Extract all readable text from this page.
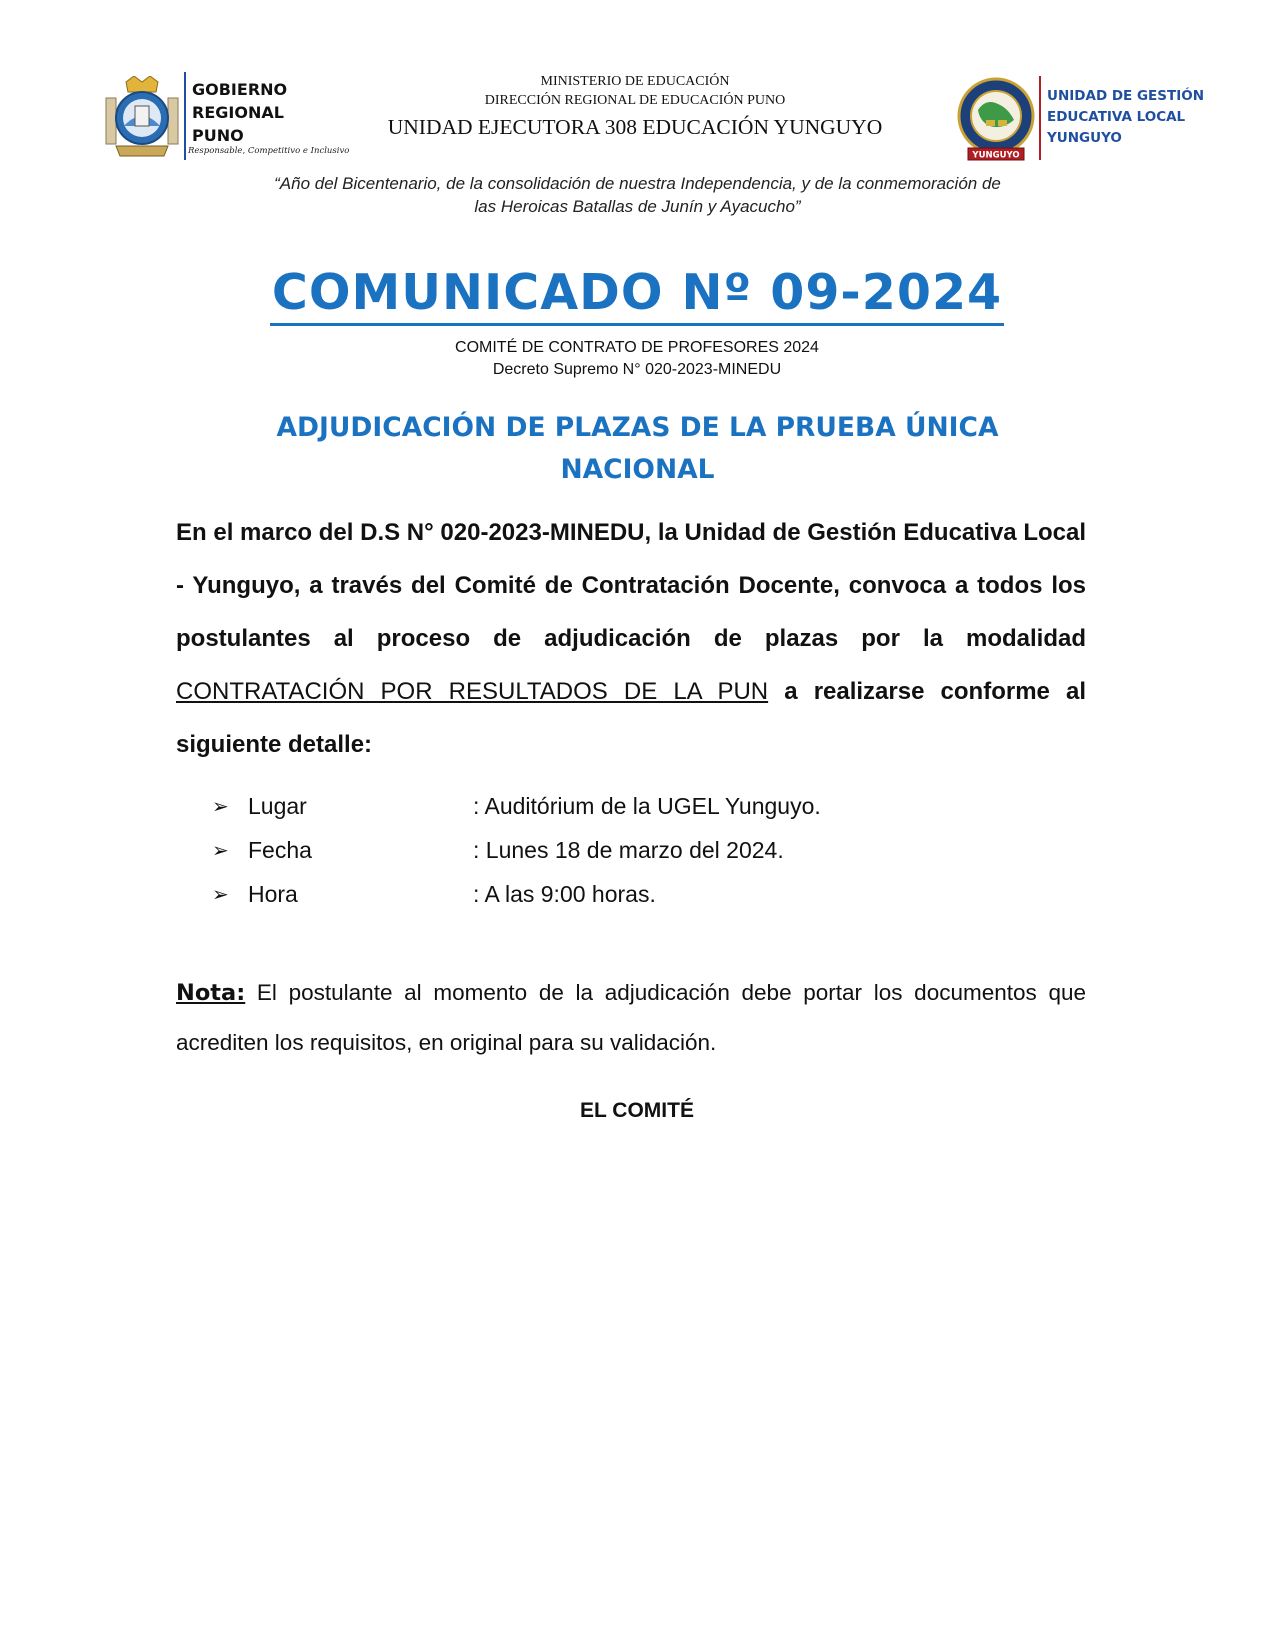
GOBIERNO
REGIONAL
PUNO
Responsable, Competitivo e Inclusivo
MINISTERIO DE EDUCACIÓN
DIRECCIÓN REGIONAL DE EDUCACIÓN PUNO
UNIDAD EJECUTORA 308 EDUCACIÓN YUNGUYO
YUNGUYO
UNIDAD DE GESTIÓN
EDUCATIVA LOCAL
YUNGUYO
“Año del Bicentenario, de la consolidación de nuestra Independencia, y de la conmemoración de
las Heroicas Batallas de Junín y Ayacucho”
COMUNICADO Nº 09-2024
COMITÉ DE CONTRATO DE PROFESORES 2024
Decreto Supremo N° 020-2023-MINEDU
ADJUDICACIÓN DE PLAZAS DE LA PRUEBA ÚNICA
NACIONAL
En el marco del D.S N° 020-2023-MINEDU, la Unidad de Gestión Educativa Local - Yunguyo, a través del Comité de Contratación Docente, convoca a todos los postulantes al proceso de adjudicación de plazas por la modalidad CONTRATACIÓN POR RESULTADOS DE LA PUN a realizarse conforme al siguiente detalle:
➢ Lugar	: Auditórium de la UGEL Yunguyo.
➢ Fecha	: Lunes 18 de marzo del 2024.
➢ Hora	: A las 9:00 horas.
Nota: El postulante al momento de la adjudicación debe portar los documentos que acrediten los requisitos, en original para su validación.
EL COMITÉ
